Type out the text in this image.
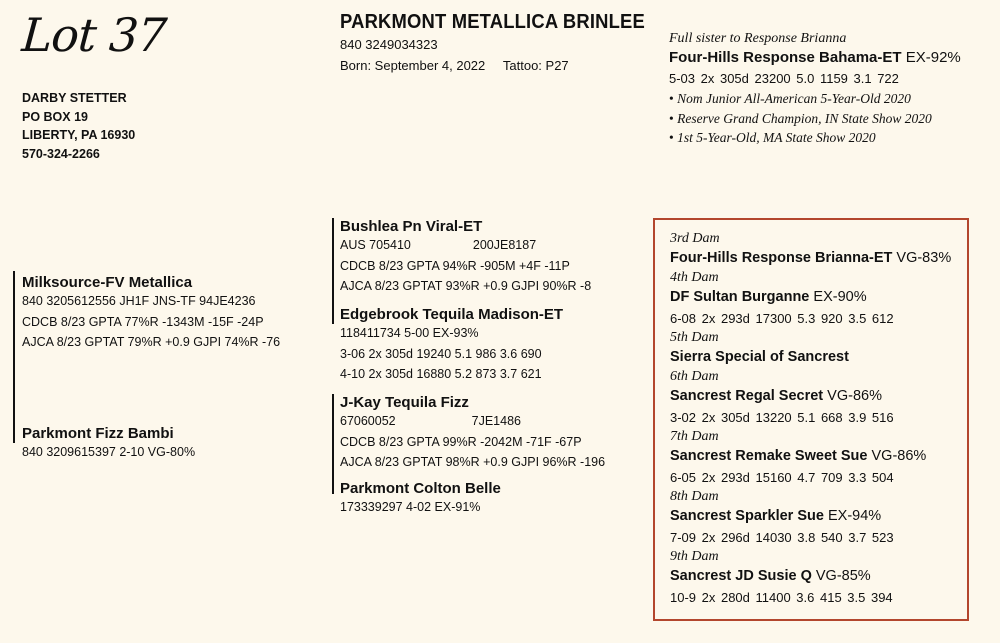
Lot 37
DARBY STETTER
PO BOX 19
LIBERTY, PA 16930
570-324-2266
PARKMONT METALLICA BRINLEE
840 3249034323
Born: September 4, 2022 Tattoo: P27
Full sister to Response Brianna
Four-Hills Response Bahama-ET EX-92%
5-03 2x 305d 23200 5.0 1159 3.1 722
• Nom Junior All-American 5-Year-Old 2020
• Reserve Grand Champion, IN State Show 2020
• 1st 5-Year-Old, MA State Show 2020
Milksource-FV Metallica
840 3205612556 JH1F JNS-TF 94JE4236
CDCB 8/23 GPTA 77%R -1343M -15F -24P
AJCA 8/23 GPTAT 79%R +0.9 GJPI 74%R -76
Parkmont Fizz Bambi
840 3209615397 2-10 VG-80%
Bushlea Pn Viral-ET
AUS 705410	200JE8187
CDCB 8/23 GPTA 94%R -905M +4F -11P
AJCA 8/23 GPTAT 93%R +0.9 GJPI 90%R -8
Edgebrook Tequila Madison-ET
118411734 5-00 EX-93%
3-06 2x 305d 19240 5.1 986 3.6 690
4-10 2x 305d 16880 5.2 873 3.7 621
J-Kay Tequila Fizz
67060052	7JE1486
CDCB 8/23 GPTA 99%R -2042M -71F -67P
AJCA 8/23 GPTAT 98%R +0.9 GJPI 96%R -196
Parkmont Colton Belle
173339297 4-02 EX-91%
3rd Dam
Four-Hills Response Brianna-ET VG-83%
4th Dam
DF Sultan Burganne EX-90%
6-08 2x 293d 17300 5.3 920 3.5 612
5th Dam
Sierra Special of Sancrest
6th Dam
Sancrest Regal Secret VG-86%
3-02 2x 305d 13220 5.1 668 3.9 516
7th Dam
Sancrest Remake Sweet Sue VG-86%
6-05 2x 293d 15160 4.7 709 3.3 504
8th Dam
Sancrest Sparkler Sue EX-94%
7-09 2x 296d 14030 3.8 540 3.7 523
9th Dam
Sancrest JD Susie Q VG-85%
10-9 2x 280d 11400 3.6 415 3.5 394
